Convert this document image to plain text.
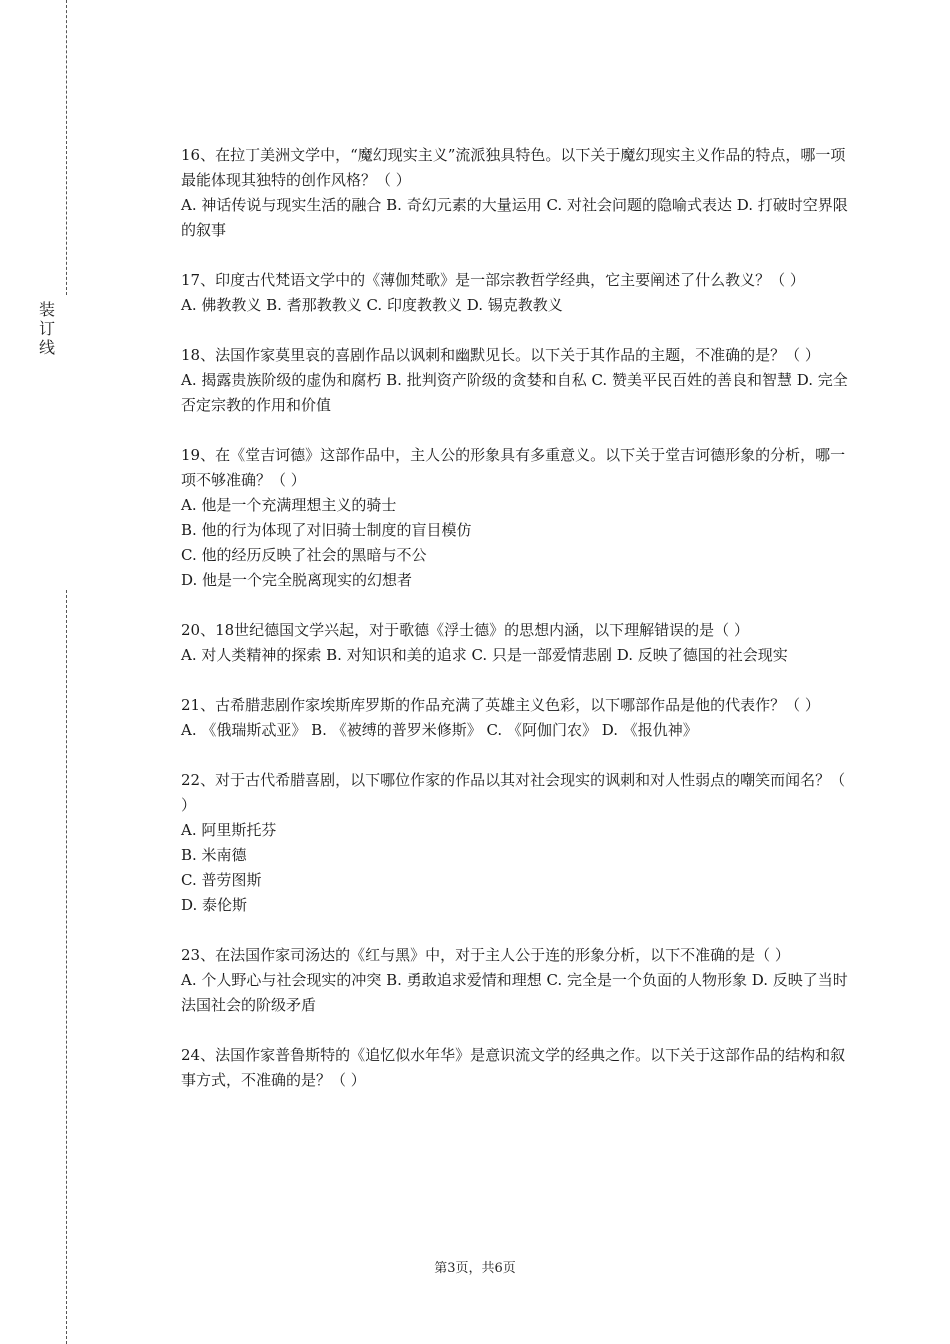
装
订
线

16、在拉丁美洲文学中，“魔幻现实主义”流派独具特色。以下关于魔幻现实主义作品的特点，哪一项最能体现其独特的创作风格？（ ）

A. 神话传说与现实生活的融合 B. 奇幻元素的大量运用 C. 对社会问题的隐喻式表达 D. 打破时空界限的叙事

17、印度古代梵语文学中的《薄伽梵歌》是一部宗教哲学经典，它主要阐述了什么教义？（ ）

A. 佛教教义 B. 耆那教教义 C. 印度教教义 D. 锡克教教义

18、法国作家莫里哀的喜剧作品以讽刺和幽默见长。以下关于其作品的主题，不准确的是？（ ）

A. 揭露贵族阶级的虚伪和腐朽 B. 批判资产阶级的贪婪和自私 C. 赞美平民百姓的善良和智慧 D. 完全否定宗教的作用和价值

19、在《堂吉诃德》这部作品中，主人公的形象具有多重意义。以下关于堂吉诃德形象的分析，哪一项不够准确？（ ）

A. 他是一个充满理想主义的骑士

B. 他的行为体现了对旧骑士制度的盲目模仿

C. 他的经历反映了社会的黑暗与不公

D. 他是一个完全脱离现实的幻想者

20、18世纪德国文学兴起，对于歌德《浮士德》的思想内涵，以下理解错误的是（ ）

A. 对人类精神的探索 B. 对知识和美的追求 C. 只是一部爱情悲剧 D. 反映了德国的社会现实

21、古希腊悲剧作家埃斯库罗斯的作品充满了英雄主义色彩，以下哪部作品是他的代表作？（ ）

A. 《俄瑞斯忒亚》 B. 《被缚的普罗米修斯》 C. 《阿伽门农》 D. 《报仇神》

22、对于古代希腊喜剧，以下哪位作家的作品以其对社会现实的讽刺和对人性弱点的嘲笑而闻名？（ ）

A. 阿里斯托芬

B. 米南德

C. 普劳图斯

D. 泰伦斯

23、在法国作家司汤达的《红与黑》中，对于主人公于连的形象分析，以下不准确的是（ ）

A. 个人野心与社会现实的冲突 B. 勇敢追求爱情和理想 C. 完全是一个负面的人物形象 D. 反映了当时法国社会的阶级矛盾

24、法国作家普鲁斯特的《追忆似水年华》是意识流文学的经典之作。以下关于这部作品的结构和叙事方式，不准确的是？（ ）

第3页，共6页
